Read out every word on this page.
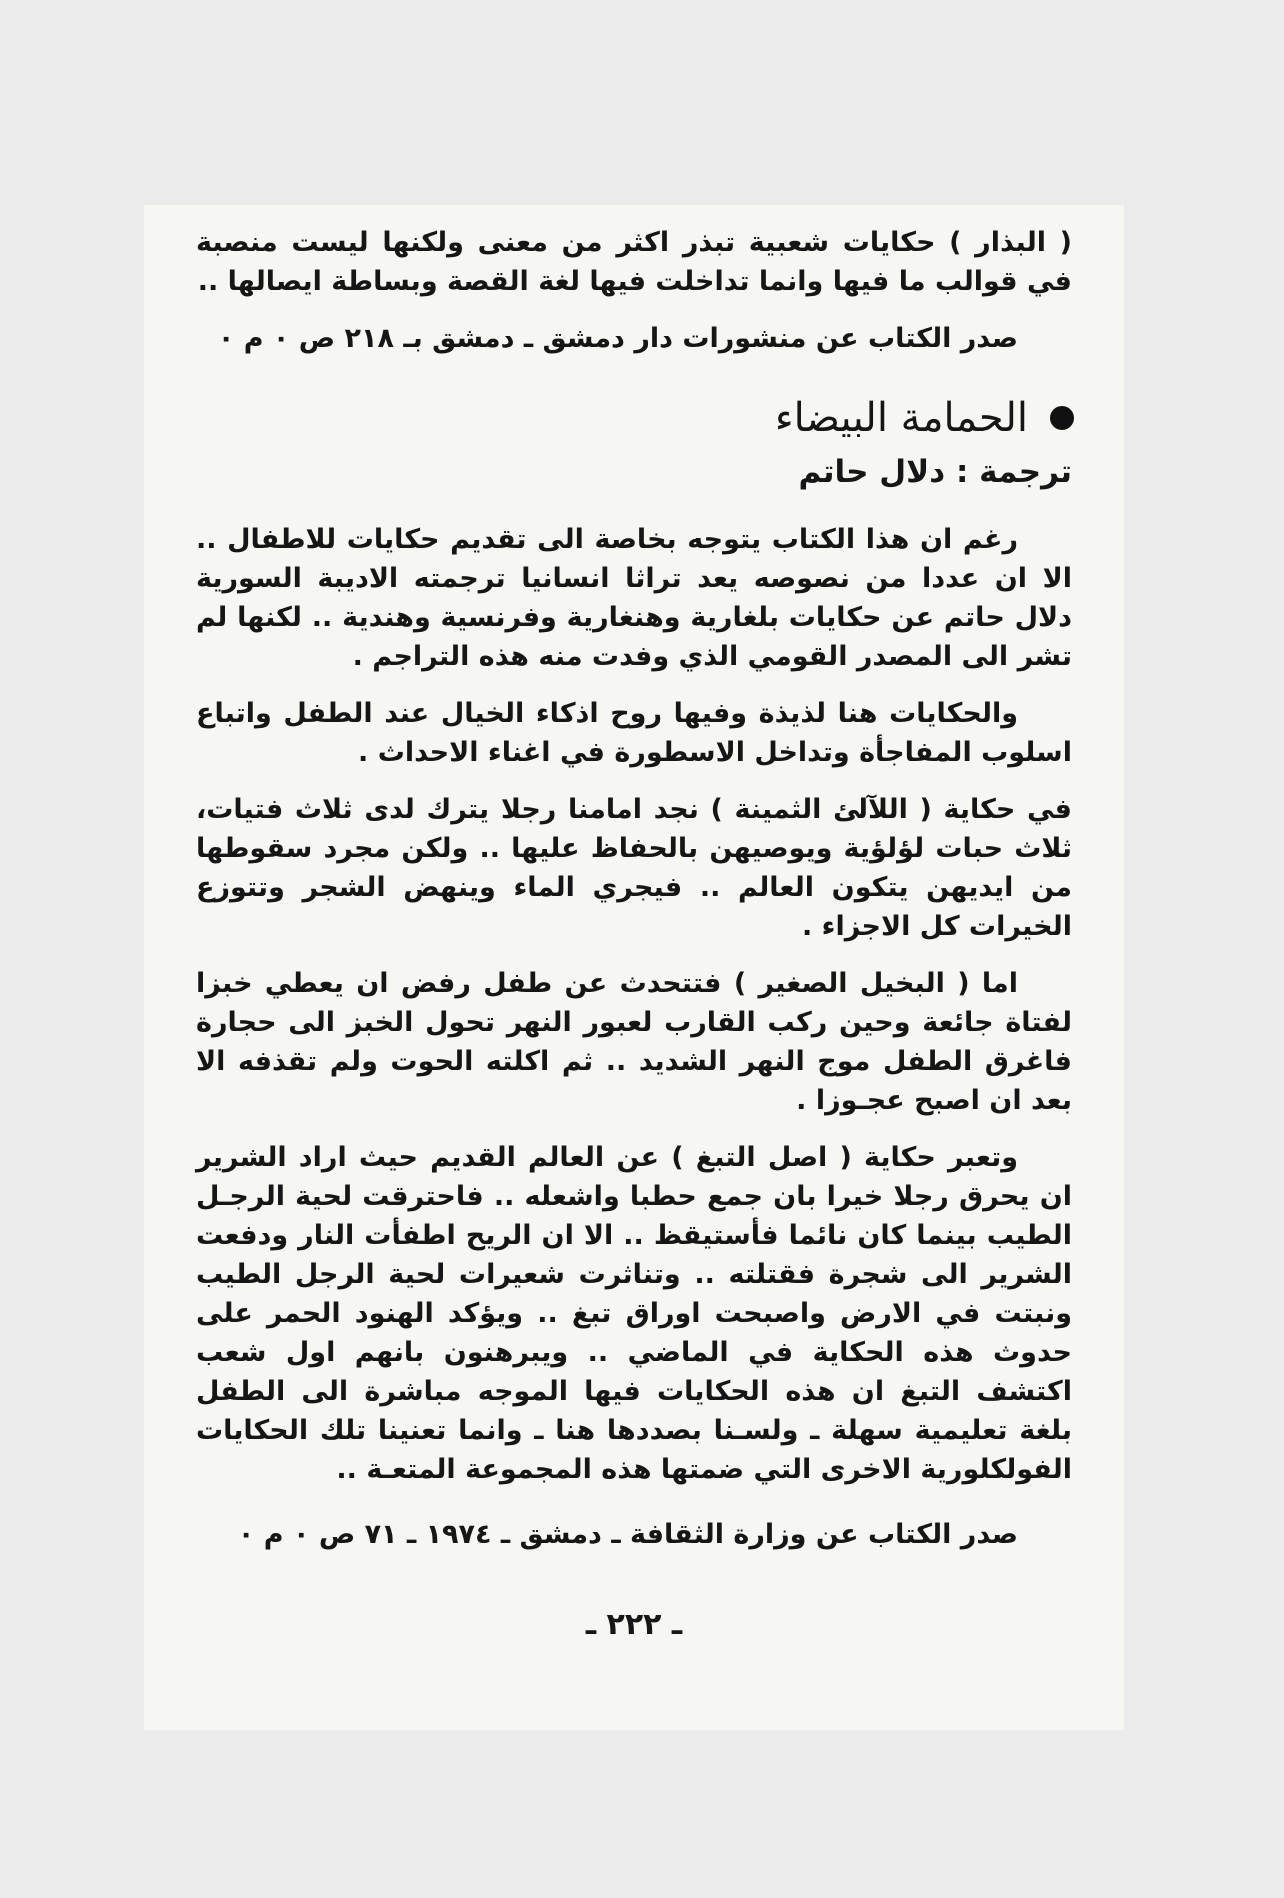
( البذار ) حكايات شعبية تبذر اكثر من معنى ولكنها ليست منصبة في قوالب ما فيها وانما تداخلت فيها لغة القصة وبساطة ايصالها ..

صدر الكتاب عن منشورات دار دمشق ـ دمشق بـ ٢١٨ ص ٠ م ٠

الحمامة البيضاء

ترجمة : دلال حاتم

رغم ان هذا الكتاب يتوجه بخاصة الى تقديم حكايات للاطفال .. الا ان عددا من نصوصه يعد تراثا انسانيا ترجمته الاديبة السورية دلال حاتم عن حكايات بلغارية وهنغارية وفرنسية وهندية .. لكنها لم تشر الى المصدر القومي الذي وفدت منه هذه التراجم .

والحكايات هنا لذيذة وفيها روح اذكاء الخيال عند الطفل واتباع اسلوب المفاجأة وتداخل الاسطورة في اغناء الاحداث .

في حكاية ( اللآلئ الثمينة ) نجد امامنا رجلا يترك لدى ثلاث فتيات، ثلاث حبات لؤلؤية ويوصيهن بالحفاظ عليها .. ولكن مجرد سقوطها من ايديهن يتكون العالم .. فيجري الماء وينهض الشجر وتتوزع الخيرات كل الاجزاء .

اما ( البخيل الصغير ) فتتحدث عن طفل رفض ان يعطي خبزا لفتاة جائعة وحين ركب القارب لعبور النهر تحول الخبز الى حجارة فاغرق الطفل موج النهر الشديد .. ثم اكلته الحوت ولم تقذفه الا بعد ان اصبح عجـوزا .

وتعبر حكاية ( اصل التبغ ) عن العالم القديم حيث اراد الشرير ان يحرق رجلا خيرا بان جمع حطبا واشعله .. فاحترقت لحية الرجـل الطيب بينما كان نائما فأستيقظ .. الا ان الريح اطفأت النار ودفعت الشرير الى شجرة فقتلته .. وتناثرت شعيرات لحية الرجل الطيب ونبتت في الارض واصبحت اوراق تبغ .. ويؤكد الهنود الحمر على حدوث هذه الحكاية في الماضي .. ويبرهنون بانهم اول شعب اكتشف التبغ ان هذه الحكايات فيها الموجه مباشرة الى الطفل بلغة تعليمية سهلة ـ ولسـنا بصددها هنا ـ وانما تعنينا تلك الحكايات الفولكلورية الاخرى التي ضمتها هذه المجموعة المتعـة ..

صدر الكتاب عن وزارة الثقافة ـ دمشق ـ ١٩٧٤ ـ ٧١ ص ٠ م ٠

ـ ٢٢٢ ـ
